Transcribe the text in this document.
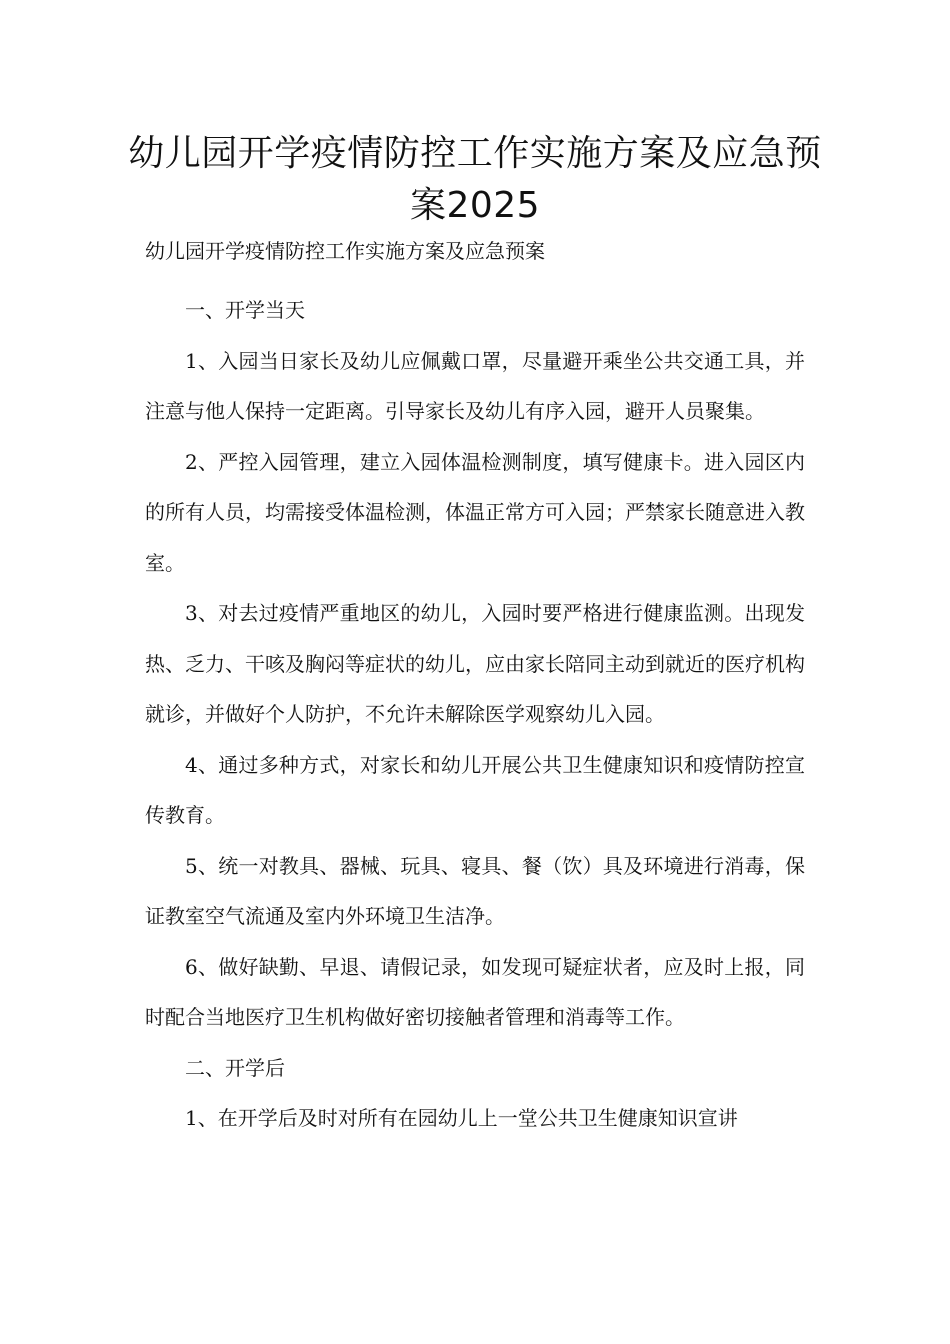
幼儿园开学疫情防控工作实施方案及应急预案2025
幼儿园开学疫情防控工作实施方案及应急预案

一、开学当天

1、入园当日家长及幼儿应佩戴口罩，尽量避开乘坐公共交通工具，并注意与他人保持一定距离。引导家长及幼儿有序入园，避开人员聚集。

2、严控入园管理，建立入园体温检测制度，填写健康卡。进入园区内的所有人员，均需接受体温检测，体温正常方可入园；严禁家长随意进入教室。

3、对去过疫情严重地区的幼儿，入园时要严格进行健康监测。出现发热、乏力、干咳及胸闷等症状的幼儿，应由家长陪同主动到就近的医疗机构就诊，并做好个人防护，不允许未解除医学观察幼儿入园。

4、通过多种方式，对家长和幼儿开展公共卫生健康知识和疫情防控宣传教育。

5、统一对教具、器械、玩具、寝具、餐（饮）具及环境进行消毒，保证教室空气流通及室内外环境卫生洁净。

6、做好缺勤、早退、请假记录，如发现可疑症状者，应及时上报，同时配合当地医疗卫生机构做好密切接触者管理和消毒等工作。

二、开学后

1、在开学后及时对所有在园幼儿上一堂公共卫生健康知识宣讲
